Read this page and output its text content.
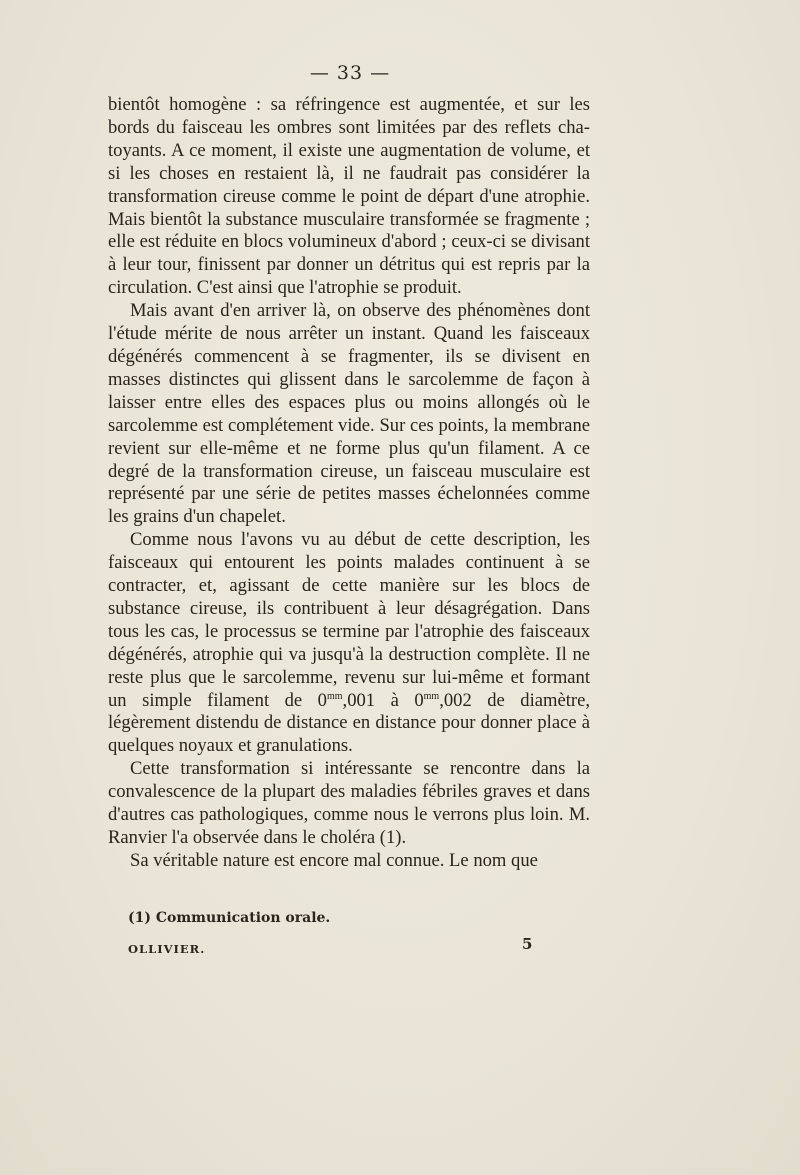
— 33 —

bientôt homogène : sa réfringence est augmentée, et sur les bords du faisceau les ombres sont limitées par des reflets chatoyants. A ce moment, il existe une augmentation de volume, et si les choses en restaient là, il ne faudrait pas considérer la transformation cireuse comme le point de départ d'une atrophie. Mais bientôt la substance musculaire transformée se fragmente ; elle est réduite en blocs volumineux d'abord ; ceux-ci se divisant à leur tour, finissent par donner un détritus qui est repris par la circulation. C'est ainsi que l'atrophie se produit.

Mais avant d'en arriver là, on observe des phénomènes dont l'étude mérite de nous arrêter un instant. Quand les faisceaux dégénérés commencent à se fragmenter, ils se divisent en masses distinctes qui glissent dans le sarcolemme de façon à laisser entre elles des espaces plus ou moins allongés où le sarcolemme est complétement vide. Sur ces points, la membrane revient sur elle-même et ne forme plus qu'un filament. A ce degré de la transformation cireuse, un faisceau musculaire est représenté par une série de petites masses échelonnées comme les grains d'un chapelet.

Comme nous l'avons vu au début de cette description, les faisceaux qui entourent les points malades continuent à se contracter, et, agissant de cette manière sur les blocs de substance cireuse, ils contribuent à leur désagrégation. Dans tous les cas, le processus se termine par l'atrophie des faisceaux dégénérés, atrophie qui va jusqu'à la destruction complète. Il ne reste plus que le sarcolemme, revenu sur lui-même et formant un simple filament de $0^{mm},001$ à $0^{mm},002$ de diamètre, légèrement distendu de distance en distance pour donner place à quelques noyaux et granulations.

Cette transformation si intéressante se rencontre dans la convalescence de la plupart des maladies fébriles graves et dans d'autres cas pathologiques, comme nous le verrons plus loin. M. Ranvier l'a observée dans le choléra (1).

Sa véritable nature est encore mal connue. Le nom que

(1) Communication orale.
OLLIVIER.	5
